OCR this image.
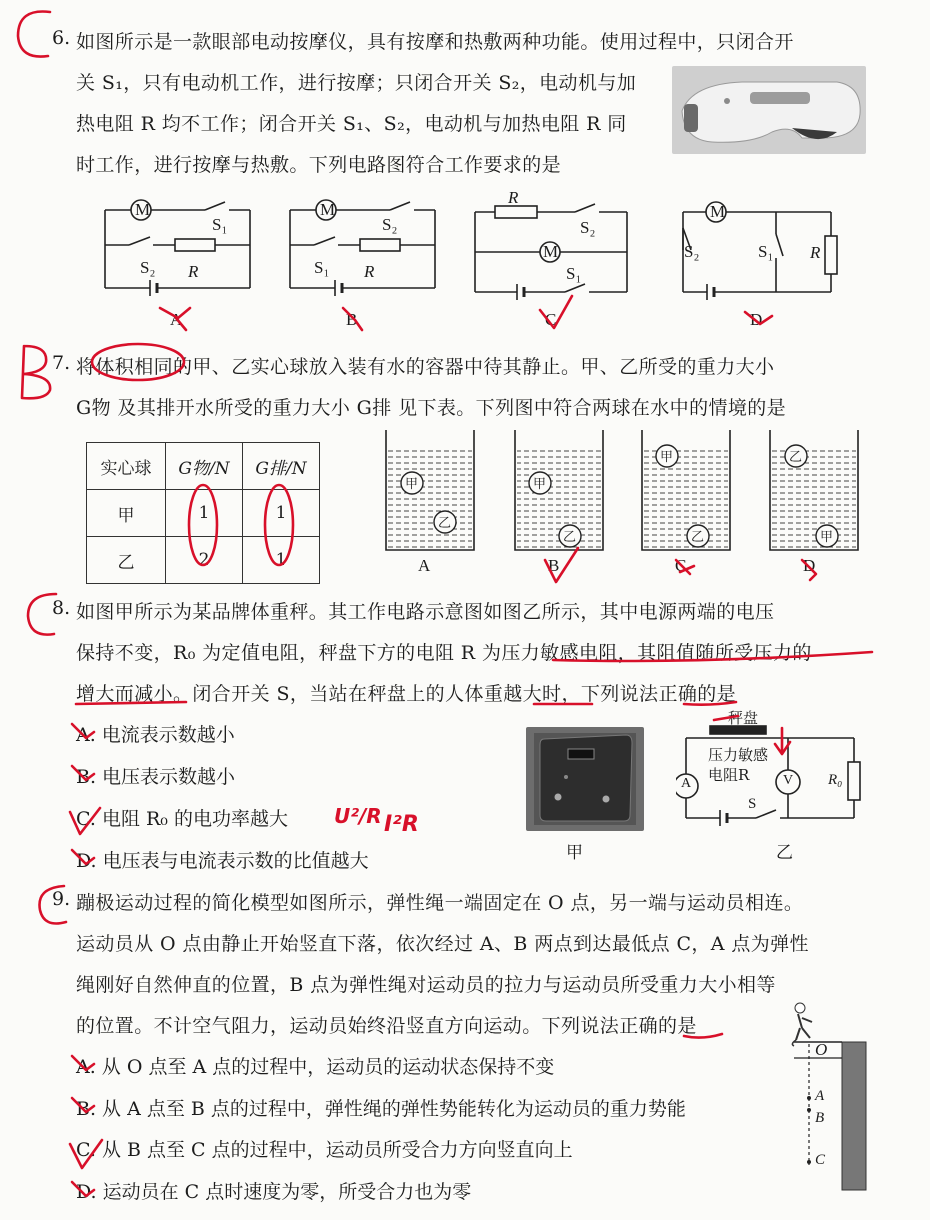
6. 如图所示是一款眼部电动按摩仪，具有按摩和热敷两种功能。使用过程中，只闭合开
关 S₁，只有电动机工作，进行按摩；只闭合开关 S₂，电动机与加
热电阻 R 均不工作；闭合开关 S₁、S₂，电动机与加热电阻 R 同
时工作，进行按摩与热敷。下列电路图符合工作要求的是
M
S₁
S₂ R
A
M
S₂
S₁ R
B
R
S₂
M
S₁
C
M
S₂	S₁ R
D
7. 将体积相同的甲、乙实心球放入装有水的容器中待其静止。甲、乙所受的重力大小
G物 及其排开水所受的重力大小 G排 见下表。下列图中符合两球在水中的情境的是
实心球	G物/N	G排/N
甲	1	1
乙	2	1
甲
乙
甲
乙
甲
乙
乙
甲
A	B	C	D
8. 如图甲所示为某品牌体重秤。其工作电路示意图如图乙所示，其中电源两端的电压
保持不变，R₀ 为定值电阻，秤盘下方的电阻 R 为压力敏感电阻，其阻值随所受压力的
增大而减小。闭合开关 S，当站在秤盘上的人体重越大时，下列说法正确的是
A. 电流表示数越小
B. 电压表示数越小
C. 电阻 R₀ 的电功率越大
D. 电压表与电流表示数的比值越大	甲
秤盘
压力敏感
电阻R
A	V R₀
S
乙
9. 蹦极运动过程的简化模型如图所示，弹性绳一端固定在 O 点，另一端与运动员相连。
运动员从 O 点由静止开始竖直下落，依次经过 A、B 两点到达最低点 C，A 点为弹性
绳刚好自然伸直的位置，B 点为弹性绳对运动员的拉力与运动员所受重力大小相等
的位置。不计空气阻力，运动员始终沿竖直方向运动。下列说法正确的是
A. 从 O 点至 A 点的过程中，运动员的运动状态保持不变
B. 从 A 点至 B 点的过程中，弹性绳的弹性势能转化为运动员的重力势能
C. 从 B 点至 C 点的过程中，运动员所受合力方向竖直向上
D. 运动员在 C 点时速度为零，所受合力也为零
O
A
B
C
U²/R I²R
